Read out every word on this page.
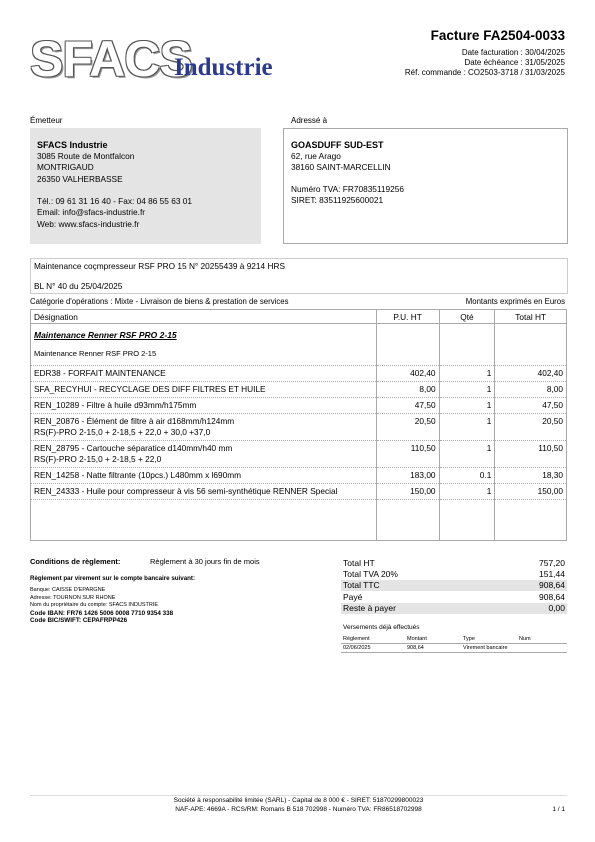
SFACS
Industrie
Facture FA2504-0033
Date facturation : 30/04/2025
Date échéance : 31/05/2025
Réf. commande : CO2503-3718 / 31/03/2025
Émetteur
SFACS Industrie
3085 Route de Montfalcon
MONTRIGAUD
26350 VALHERBASSE
Tél.: 09 61 31 16 40 - Fax: 04 86 55 63 01
Email: info@sfacs-industrie.fr
Web: www.sfacs-industrie.fr
Adressé à
GOASDUFF SUD-EST
62, rue Arago
38160 SAINT-MARCELLIN
Numéro TVA: FR70835119256
SIRET: 83511925600021
Maintenance coçmpresseur RSF PRO 15 N° 20255439 à 9214 HRS
BL N° 40 du 25/04/2025
Catégorie d'opérations : Mixte - Livraison de biens & prestation de services	Montants exprimés en Euros
Désignation	P.U. HT	Qté	Total HT

Maintenance Renner RSF PRO 2-15
Maintenance Renner RSF PRO 2-15			

EDR38 - FORFAIT MAINTENANCE	402,40	1	402,40

SFA_RECYHUI - RECYCLAGE DES DIFF FILTRES ET HUILE	8,00	1	8,00

REN_10289 - Filtre à huile d93mm/h175mm	47,50	1	47,50

REN_20876 - Élément de filtre à air d168mm/h124mm
RS(F)-PRO 2-15,0 + 2-18,5 + 22,0 + 30,0 +37,0	20,50	1	20,50

REN_28795 - Cartouche séparatice d140mm/h40 mm
RS(F)-PRO 2-15,0 + 2-18,5 + 22,0	110,50	1	110,50

REN_14258 - Natte filtrante (10pcs.) L480mm x l690mm	183,00	0.1	18,30

REN_24333 - Huile pour compresseur à vis 56 semi-synthétique RENNER Special	150,00	1	150,00

Conditions de règlement:	Règlement à 30 jours fin de mois
Règlement par virement sur le compte bancaire suivant:
Banque: CAISSE D'EPARGNE
Adresse: TOURNON SUR RHONE
Nom du propriétaire du compte: SFACS INDUSTRIE
Code IBAN: FR76 1426 5006 0008 7710 9354 338
Code BIC/SWIFT: CEPAFRPP426
Total HT	757,20
Total TVA 20%	151,44
Total TTC	908,64
Payé	908,64
Reste à payer	0,00
Versements déjà effectués
Règlement	Montant	Type	Num
02/06/2025	908,64	Virement bancaire	
Société à responsabilité limitée (SARL) - Capital de 8 000 € - SIRET: 51870299800023
NAF-APE: 4669A - RCS/RM: Romans B 518 702998 - Numéro TVA: FR86518702998	1 / 1
